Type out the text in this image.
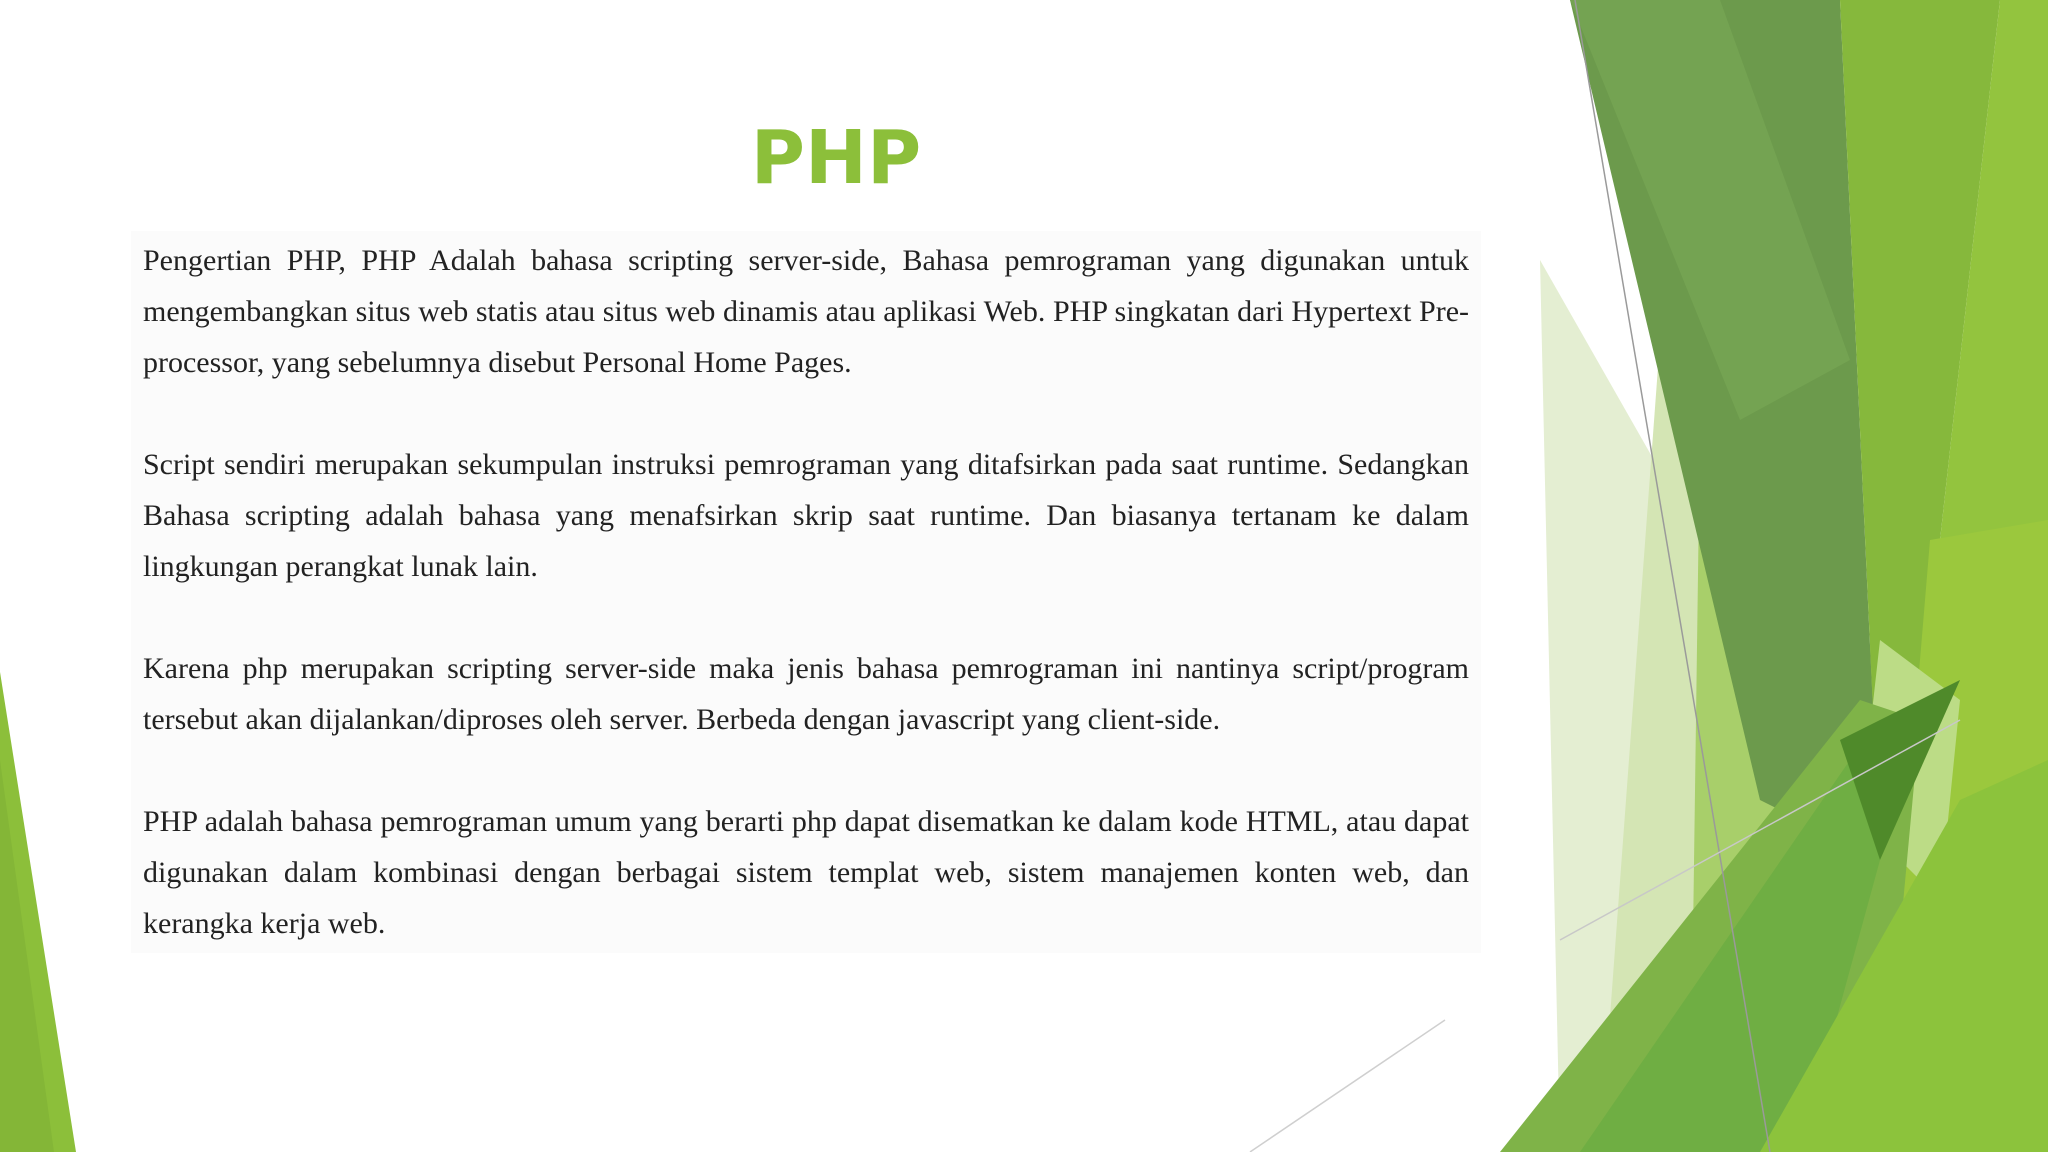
PHP

Pengertian PHP, PHP Adalah bahasa scripting server-side, Bahasa pemrograman yang digunakan untuk mengembangkan situs web statis atau situs web dinamis atau aplikasi Web. PHP singkatan dari Hypertext Pre-processor, yang sebelumnya disebut Personal Home Pages.

Script sendiri merupakan sekumpulan instruksi pemrograman yang ditafsirkan pada saat runtime. Sedangkan Bahasa scripting adalah bahasa yang menafsirkan skrip saat runtime. Dan biasanya tertanam ke dalam lingkungan perangkat lunak lain.

Karena php merupakan scripting server-side maka jenis bahasa pemrograman ini nantinya script/program tersebut akan dijalankan/diproses oleh server. Berbeda dengan javascript yang client-side.

PHP adalah bahasa pemrograman umum yang berarti php dapat disematkan ke dalam kode HTML, atau dapat digunakan dalam kombinasi dengan berbagai sistem templat web, sistem manajemen konten web, dan kerangka kerja web.
